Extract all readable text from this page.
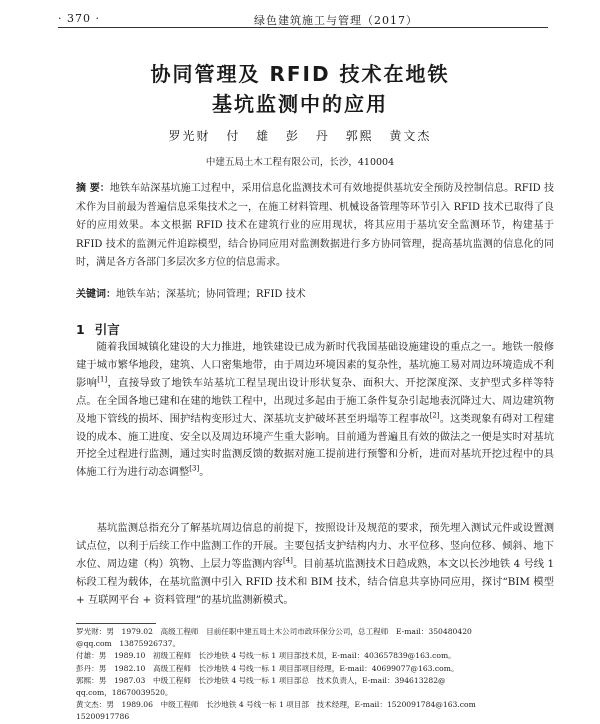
· 370 ·	绿色建筑施工与管理（2017）
协同管理及 RFID 技术在地铁
基坑监测中的应用
罗光财 付 雄 彭 丹 郭熙 黄文杰
中建五局土木工程有限公司，长沙，410004
摘 要：地铁车站深基坑施工过程中，采用信息化监测技术可有效地提供基坑安全预防及控制信息。RFID 技术作为目前最为普遍信息采集技术之一，在施工材料管理、机械设备管理等环节引入 RFID 技术已取得了良好的应用效果。本文根据 RFID 技术在建筑行业的应用现状，将其应用于基坑安全监测环节，构建基于 RFID 技术的监测元件追踪模型，结合协同应用对监测数据进行多方协同管理，提高基坑监测的信息化的同时，满足各方各部门多层次多方位的信息需求。
关键词：地铁车站；深基坑；协同管理；RFID 技术
1 引言
随着我国城镇化建设的大力推进，地铁建设已成为新时代我国基础设施建设的重点之一。地铁一般修建于城市繁华地段，建筑、人口密集地带，由于周边环境因素的复杂性，基坑施工易对周边环境造成不利影响[1]，直接导致了地铁车站基坑工程呈现出设计形状复杂、面积大、开挖深度深、支护型式多样等特点。在全国各地已建和在建的地铁工程中，出现过多起由于施工条件复杂引起地表沉降过大、周边建筑物及地下管线的损坏、围护结构变形过大、深基坑支护破坏甚至坍塌等工程事故[2]。这类现象有碍对工程建设的成本、施工进度、安全以及周边环境产生重大影响。目前通为普遍且有效的做法之一便是实时对基坑开挖全过程进行监测，通过实时监测反馈的数据对施工提前进行预警和分析，进而对基坑开挖过程中的具体施工行为进行动态调整[3]。
基坑监测总指充分了解基坑周边信息的前提下，按照设计及规范的要求，预先埋入测试元件或设置测试点位，以利于后续工作中监测工作的开展。主要包括支护结构内力、水平位移、竖向位移、倾斜、地下水位、周边建（构）筑物、上层力等监测内容[4]。目前基坑监测技术日趋成熟，本文以长沙地铁 4 号线 1 标段工程为载体，在基坑监测中引入 RFID 技术和 BIM 技术，结合信息共享协同应用，探讨“BIM 模型 + 互联网平台 + 资料管理”的基坑监测新模式。
罗光财：男　1979.02　高级工程师　目前任职中建五局土木公司市政环保分公司，总工程师　E-mail：350480420
@qq.com　13875926737。
付雄：男　1989.10　初级工程师　长沙地铁 4 号线一标 1 项目部技术员，E-mail：403657839@163.com。
彭丹：男　1982.10　高级工程师　长沙地铁 4 号线一标 1 项目部项目经理，E-mail：40699077@163.com。
郭熙：男　1987.03　中级工程师　长沙地铁 4 号线一标 1 项目部总　技术负责人，E-mail：394613282@
qq.com，18670039520。
黄文杰：男　1989.06　中级工程师　长沙地铁 4 号线一标 1 项目部　技术经理，E-mail：1520091784@163.com
15200917786
